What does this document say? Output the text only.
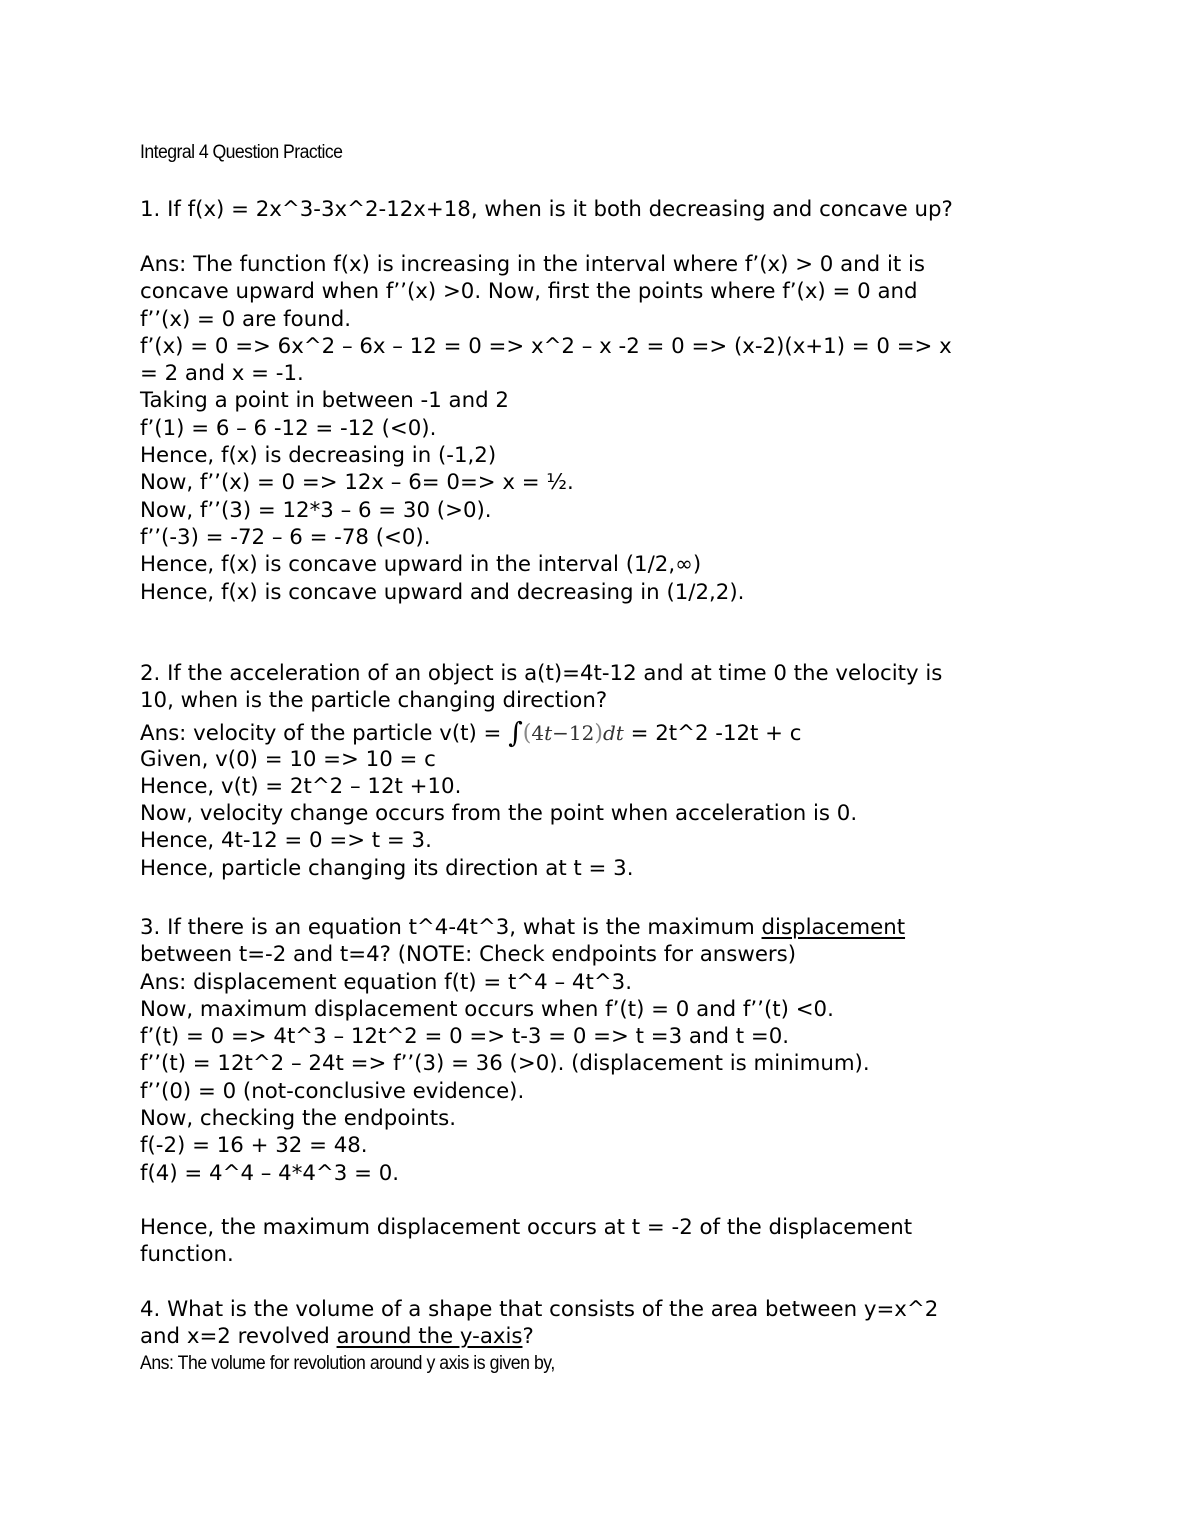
Integral 4 Question Practice
1. If f(x) = 2x^3-3x^2-12x+18, when is it both decreasing and concave up?
Ans: The function f(x) is increasing in the interval where f’(x) > 0 and it is
concave upward when f’’(x) >0. Now, first the points where f’(x) = 0 and
f’’(x) = 0 are found.
f’(x) = 0 => 6x^2 – 6x – 12 = 0 => x^2 – x -2 = 0 => (x-2)(x+1) = 0 => x
= 2 and x = -1.
Taking a point in between -1 and 2
f’(1) = 6 – 6 -12 = -12 (<0).
Hence, f(x) is decreasing in (-1,2)
Now, f’’(x) = 0 => 12x – 6= 0=> x = ½.
Now, f’’(3) = 12*3 – 6 = 30 (>0).
f’’(-3) = -72 – 6 = -78 (<0).
Hence, f(x) is concave upward in the interval (1/2,∞)
Hence, f(x) is concave upward and decreasing in (1/2,2).
2. If the acceleration of an object is a(t)=4t-12 and at time 0 the velocity is
10, when is the particle changing direction?
Ans: velocity of the particle v(t) = ∫(4t−12)dt = 2t^2 -12t + c
Given, v(0) = 10 => 10 = c
Hence, v(t) = 2t^2 – 12t +10.
Now, velocity change occurs from the point when acceleration is 0.
Hence, 4t-12 = 0 => t = 3.
Hence, particle changing its direction at t = 3.
3. If there is an equation t^4-4t^3, what is the maximum displacement
between t=-2 and t=4? (NOTE: Check endpoints for answers)
Ans: displacement equation f(t) = t^4 – 4t^3.
Now, maximum displacement occurs when f’(t) = 0 and f’’(t) <0.
f’(t) = 0 => 4t^3 – 12t^2 = 0 => t-3 = 0 => t =3 and t =0.
f’’(t) = 12t^2 – 24t => f’’(3) = 36 (>0). (displacement is minimum).
f’’(0) = 0 (not-conclusive evidence).
Now, checking the endpoints.
f(-2) = 16 + 32 = 48.
f(4) = 4^4 – 4*4^3 = 0.
Hence, the maximum displacement occurs at t = -2 of the displacement
function.
4. What is the volume of a shape that consists of the area between y=x^2
and x=2 revolved around the y-axis?
Ans: The volume for revolution around y axis is given by,
